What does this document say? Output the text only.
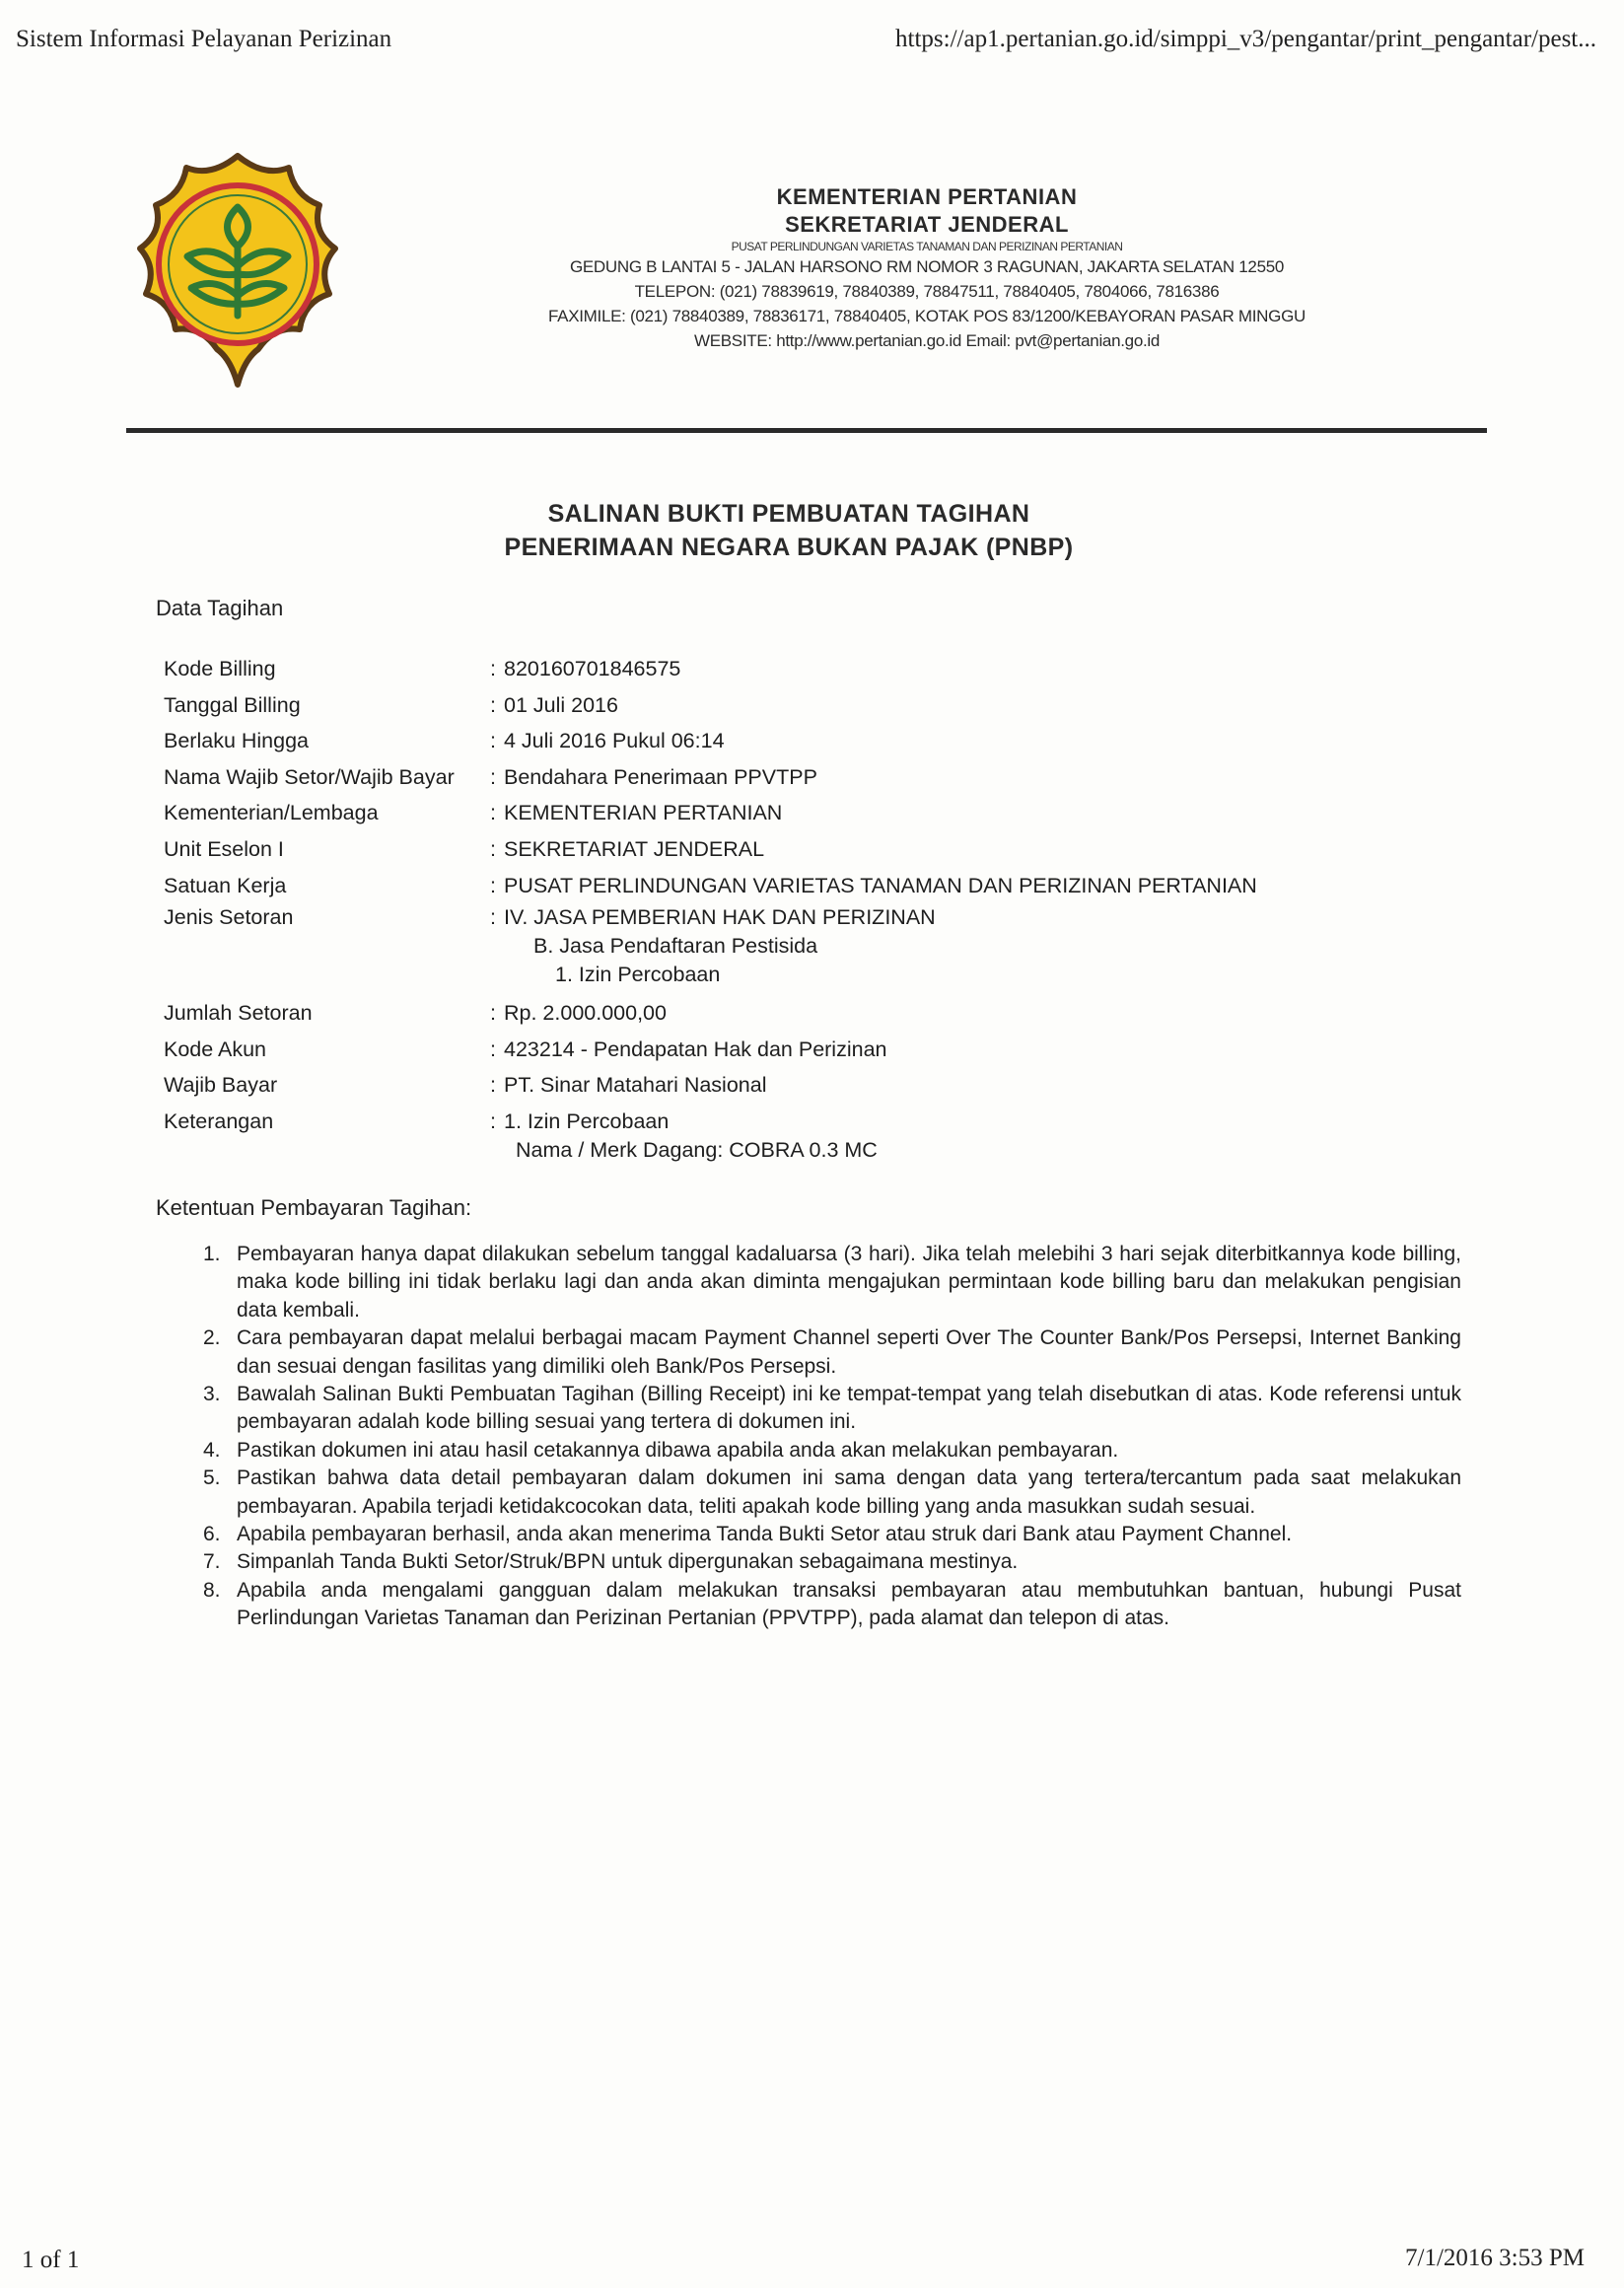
Sistem Informasi Pelayanan Perizinan	https://ap1.pertanian.go.id/simppi_v3/pengantar/print_pengantar/pest...
KEMENTERIAN PERTANIAN
SEKRETARIAT JENDERAL
PUSAT PERLINDUNGAN VARIETAS TANAMAN DAN PERIZINAN PERTANIAN
GEDUNG B LANTAI 5 - JALAN HARSONO RM NOMOR 3 RAGUNAN, JAKARTA SELATAN 12550
TELEPON: (021) 78839619, 78840389, 78847511, 78840405, 7804066, 7816386
FAXIMILE: (021) 78840389, 78836171, 78840405, KOTAK POS 83/1200/KEBAYORAN PASAR MINGGU
WEBSITE: http://www.pertanian.go.id Email: pvt@pertanian.go.id
SALINAN BUKTI PEMBUATAN TAGIHAN
PENERIMAAN NEGARA BUKAN PAJAK (PNBP)
Data Tagihan
Kode Billing	: 820160701846575
Tanggal Billing	: 01 Juli 2016
Berlaku Hingga	: 4 Juli 2016 Pukul 06:14
Nama Wajib Setor/Wajib Bayar	: Bendahara Penerimaan PPVTPP
Kementerian/Lembaga	: KEMENTERIAN PERTANIAN
Unit Eselon I	: SEKRETARIAT JENDERAL
Satuan Kerja	: PUSAT PERLINDUNGAN VARIETAS TANAMAN DAN PERIZINAN PERTANIAN
Jenis Setoran	: IV. JASA PEMBERIAN HAK DAN PERIZINAN
B. Jasa Pendaftaran Pestisida
1. Izin Percobaan
Jumlah Setoran	: Rp. 2.000.000,00
Kode Akun	: 423214 - Pendapatan Hak dan Perizinan
Wajib Bayar	: PT. Sinar Matahari Nasional
Keterangan	: 1. Izin Percobaan
Nama / Merk Dagang: COBRA 0.3 MC
Ketentuan Pembayaran Tagihan:
1. Pembayaran hanya dapat dilakukan sebelum tanggal kadaluarsa (3 hari). Jika telah melebihi 3 hari sejak diterbitkannya kode billing, maka kode billing ini tidak berlaku lagi dan anda akan diminta mengajukan permintaan kode billing baru dan melakukan pengisian data kembali.
2. Cara pembayaran dapat melalui berbagai macam Payment Channel seperti Over The Counter Bank/Pos Persepsi, Internet Banking dan sesuai dengan fasilitas yang dimiliki oleh Bank/Pos Persepsi.
3. Bawalah Salinan Bukti Pembuatan Tagihan (Billing Receipt) ini ke tempat-tempat yang telah disebutkan di atas. Kode referensi untuk pembayaran adalah kode billing sesuai yang tertera di dokumen ini.
4. Pastikan dokumen ini atau hasil cetakannya dibawa apabila anda akan melakukan pembayaran.
5. Pastikan bahwa data detail pembayaran dalam dokumen ini sama dengan data yang tertera/tercantum pada saat melakukan pembayaran. Apabila terjadi ketidakcocokan data, teliti apakah kode billing yang anda masukkan sudah sesuai.
6. Apabila pembayaran berhasil, anda akan menerima Tanda Bukti Setor atau struk dari Bank atau Payment Channel.
7. Simpanlah Tanda Bukti Setor/Struk/BPN untuk dipergunakan sebagaimana mestinya.
8. Apabila anda mengalami gangguan dalam melakukan transaksi pembayaran atau membutuhkan bantuan, hubungi Pusat Perlindungan Varietas Tanaman dan Perizinan Pertanian (PPVTPP), pada alamat dan telepon di atas.
1 of 1	7/1/2016 3:53 PM
